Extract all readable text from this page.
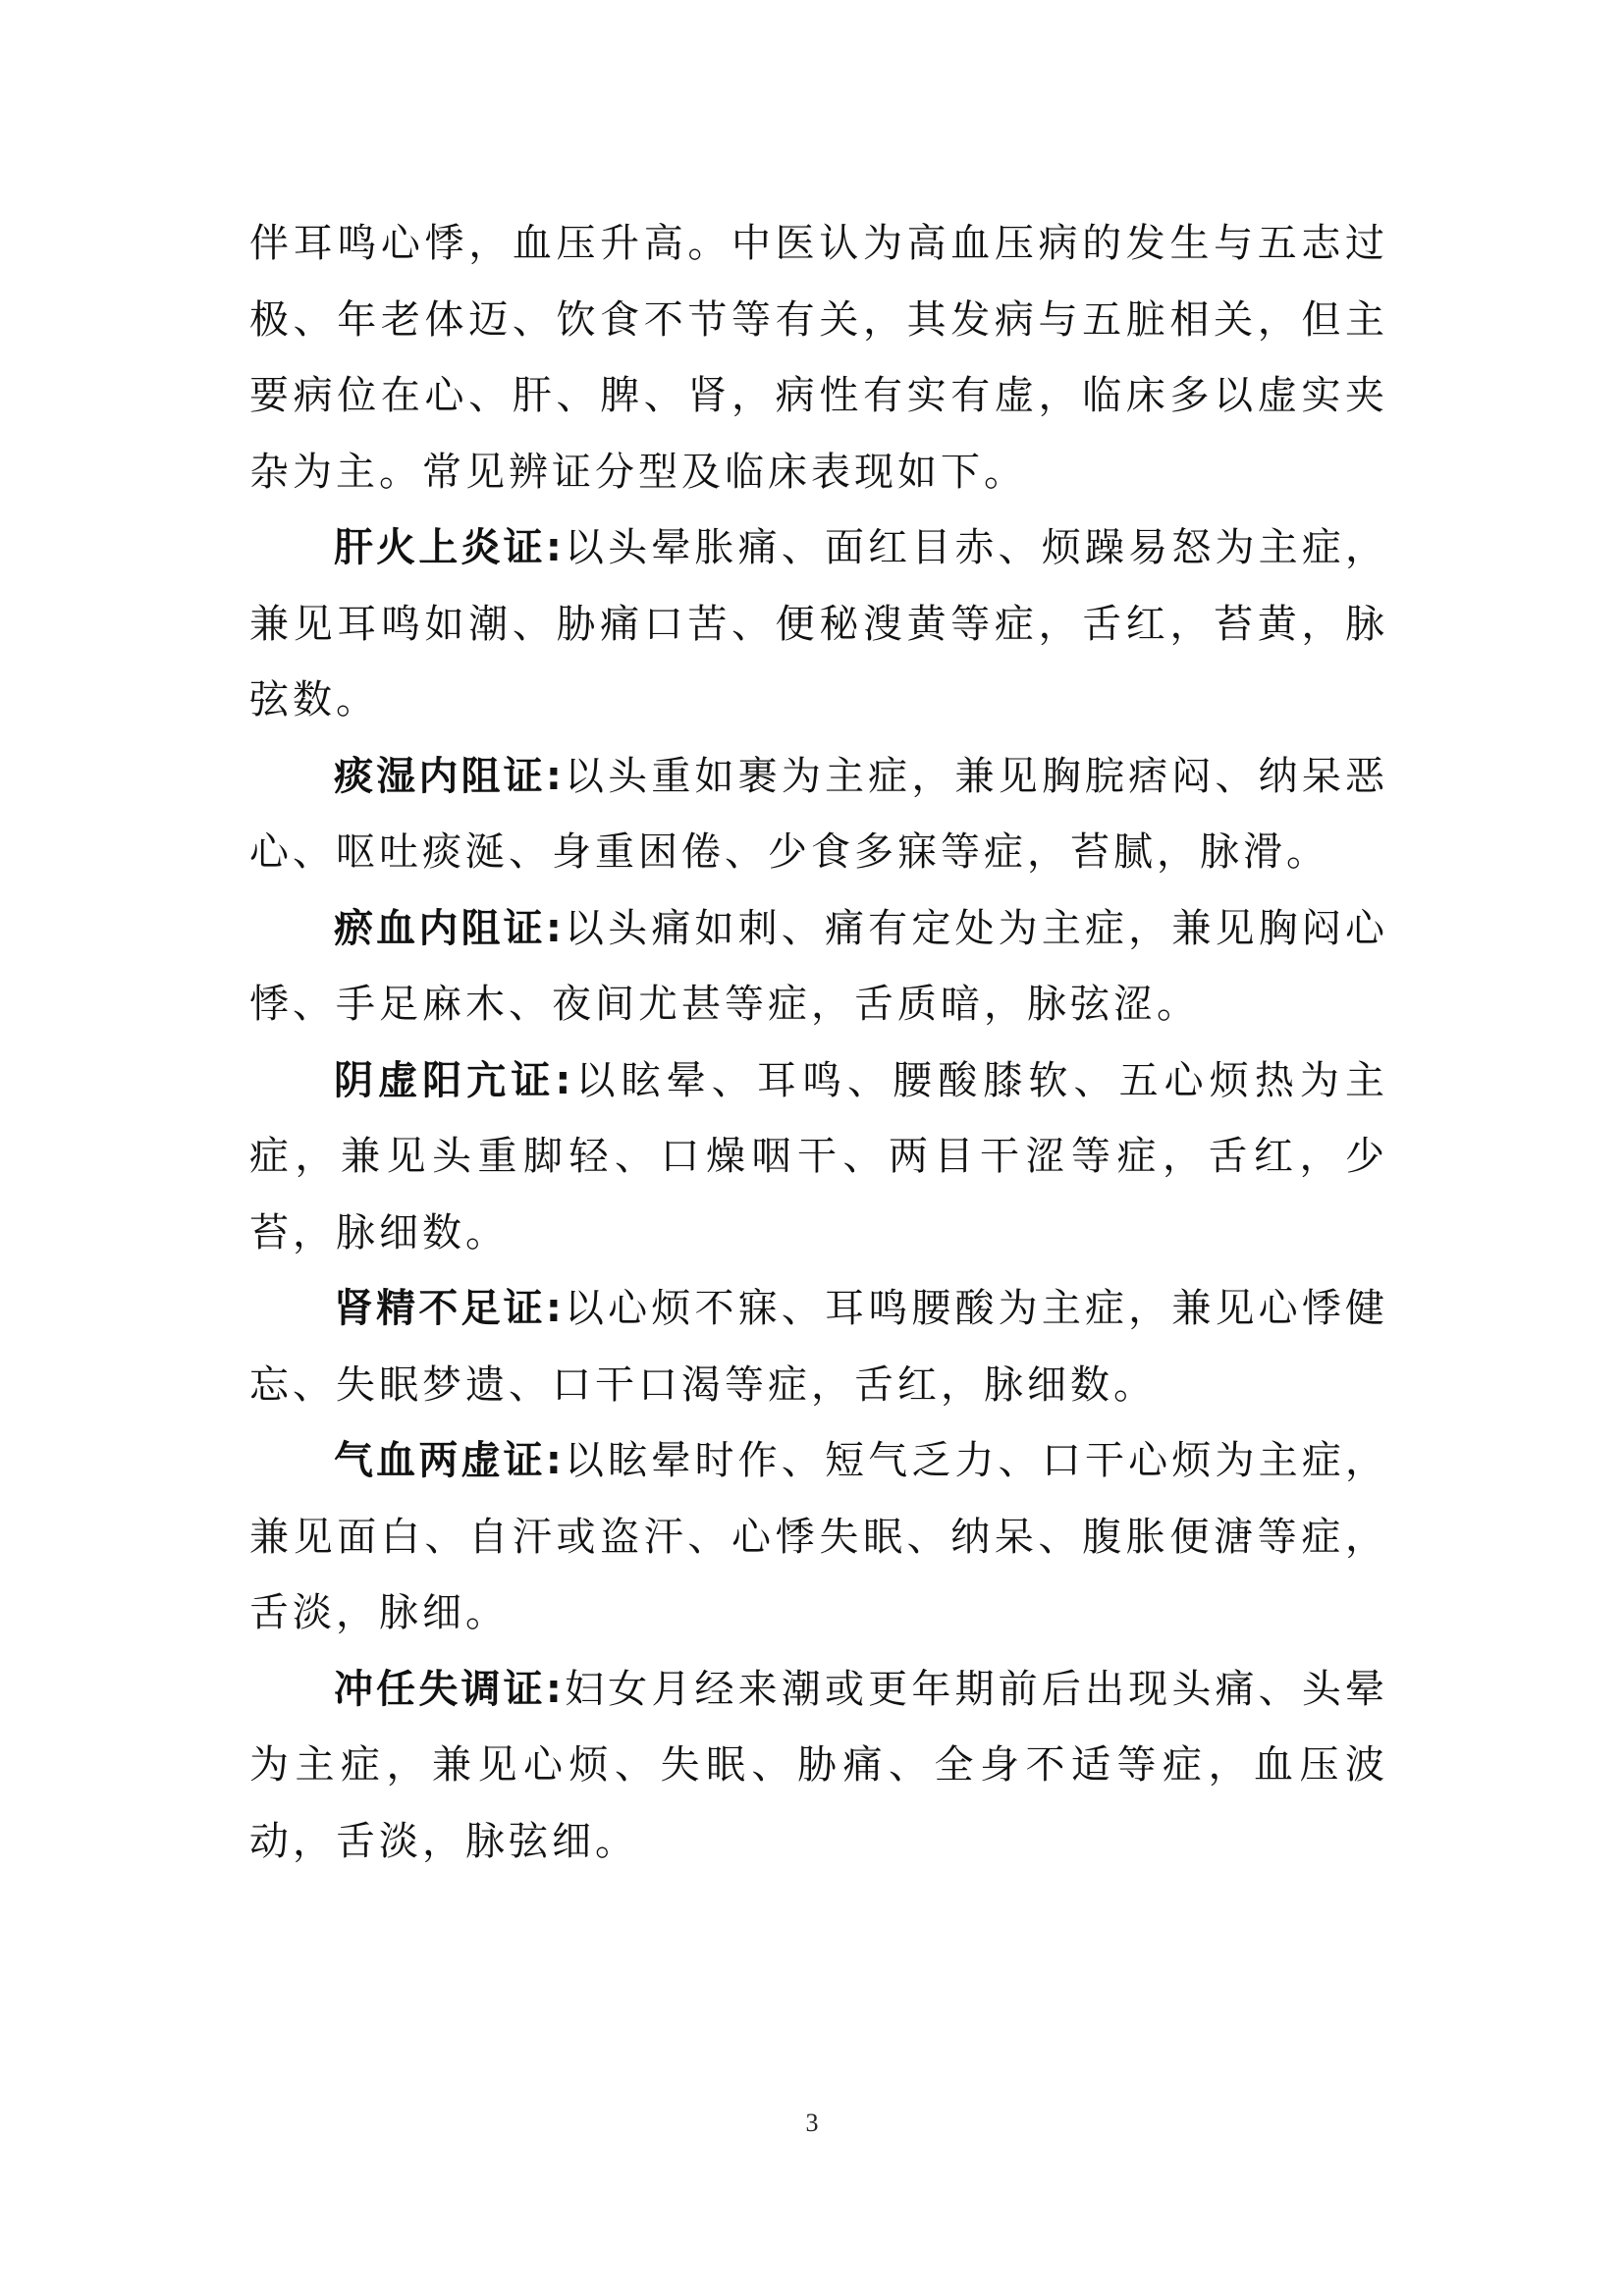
伴耳鸣心悸，血压升高。中医认为高血压病的发生与五志过极、年老体迈、饮食不节等有关，其发病与五脏相关，但主要病位在心、肝、脾、肾，病性有实有虚，临床多以虚实夹杂为主。常见辨证分型及临床表现如下。

肝火上炎证:以头晕胀痛、面红目赤、烦躁易怒为主症，兼见耳鸣如潮、胁痛口苦、便秘溲黄等症，舌红，苔黄，脉弦数。

痰湿内阻证:以头重如裹为主症，兼见胸脘痞闷、纳呆恶心、呕吐痰涎、身重困倦、少食多寐等症，苔腻，脉滑。

瘀血内阻证:以头痛如刺、痛有定处为主症，兼见胸闷心悸、手足麻木、夜间尤甚等症，舌质暗，脉弦涩。

阴虚阳亢证:以眩晕、耳鸣、腰酸膝软、五心烦热为主症，兼见头重脚轻、口燥咽干、两目干涩等症，舌红，少苔，脉细数。

肾精不足证:以心烦不寐、耳鸣腰酸为主症，兼见心悸健忘、失眠梦遗、口干口渴等症，舌红，脉细数。

气血两虚证:以眩晕时作、短气乏力、口干心烦为主症，兼见面白、自汗或盗汗、心悸失眠、纳呆、腹胀便溏等症，舌淡，脉细。

冲任失调证:妇女月经来潮或更年期前后出现头痛、头晕为主症，兼见心烦、失眠、胁痛、全身不适等症，血压波动，舌淡，脉弦细。

3
